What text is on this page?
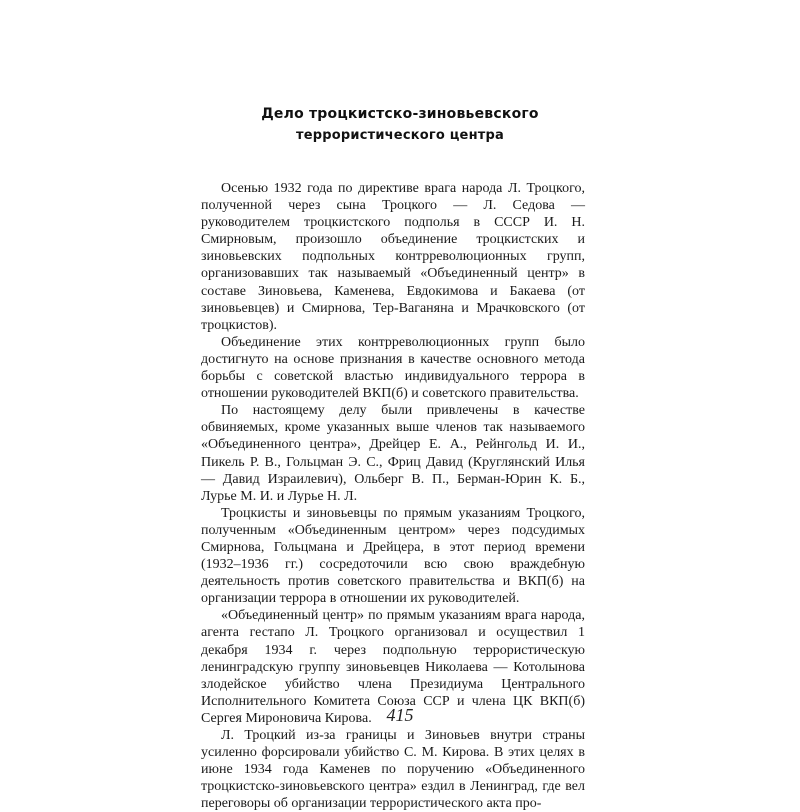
Дело троцкистско-зиновьевского
террористического центра

Осенью 1932 года по директиве врага народа Л. Троцкого, полученной через сына Троцкого — Л. Седова — руководителем троцкистского подполья в СССР И. Н. Смирновым, произошло объединение троцкистских и зиновьевских подпольных контрреволюционных групп, организовавших так называемый «Объединенный центр» в составе Зиновьева, Каменева, Евдокимова и Бакаева (от зиновьевцев) и Смирнова, Тер-Ваганяна и Мрачковского (от троцкистов).

Объединение этих контрреволюционных групп было достигнуто на основе признания в качестве основного метода борьбы с советской властью индивидуального террора в отношении руководителей ВКП(б) и советского правительства.

По настоящему делу были привлечены в качестве обвиняемых, кроме указанных выше членов так называемого «Объединенного центра», Дрейцер Е. А., Рейнгольд И. И., Пикель Р. В., Гольцман Э. С., Фриц Давид (Круглянский Илья — Давид Израилевич), Ольберг В. П., Берман-Юрин К. Б., Лурье М. И. и Лурье Н. Л.

Троцкисты и зиновьевцы по прямым указаниям Троцкого, полученным «Объединенным центром» через подсудимых Смирнова, Гольцмана и Дрейцера, в этот период времени (1932–1936 гг.) сосредоточили всю свою враждебную деятельность против советского правительства и ВКП(б) на организации террора в отношении их руководителей.

«Объединенный центр» по прямым указаниям врага народа, агента гестапо Л. Троцкого организовал и осуществил 1 декабря 1934 г. через подпольную террористическую ленинградскую группу зиновьевцев Николаева — Котолынова злодейское убийство члена Президиума Центрального Исполнительного Комитета Союза ССР и члена ЦК ВКП(б) Сергея Мироновича Кирова.

Л. Троцкий из-за границы и Зиновьев внутри страны усиленно форсировали убийство С. М. Кирова. В этих целях в июне 1934 года Каменев по поручению «Объединенного троцкистско-зиновьевского центра» ездил в Ленинград, где вел переговоры об организации террористического акта про-

415
